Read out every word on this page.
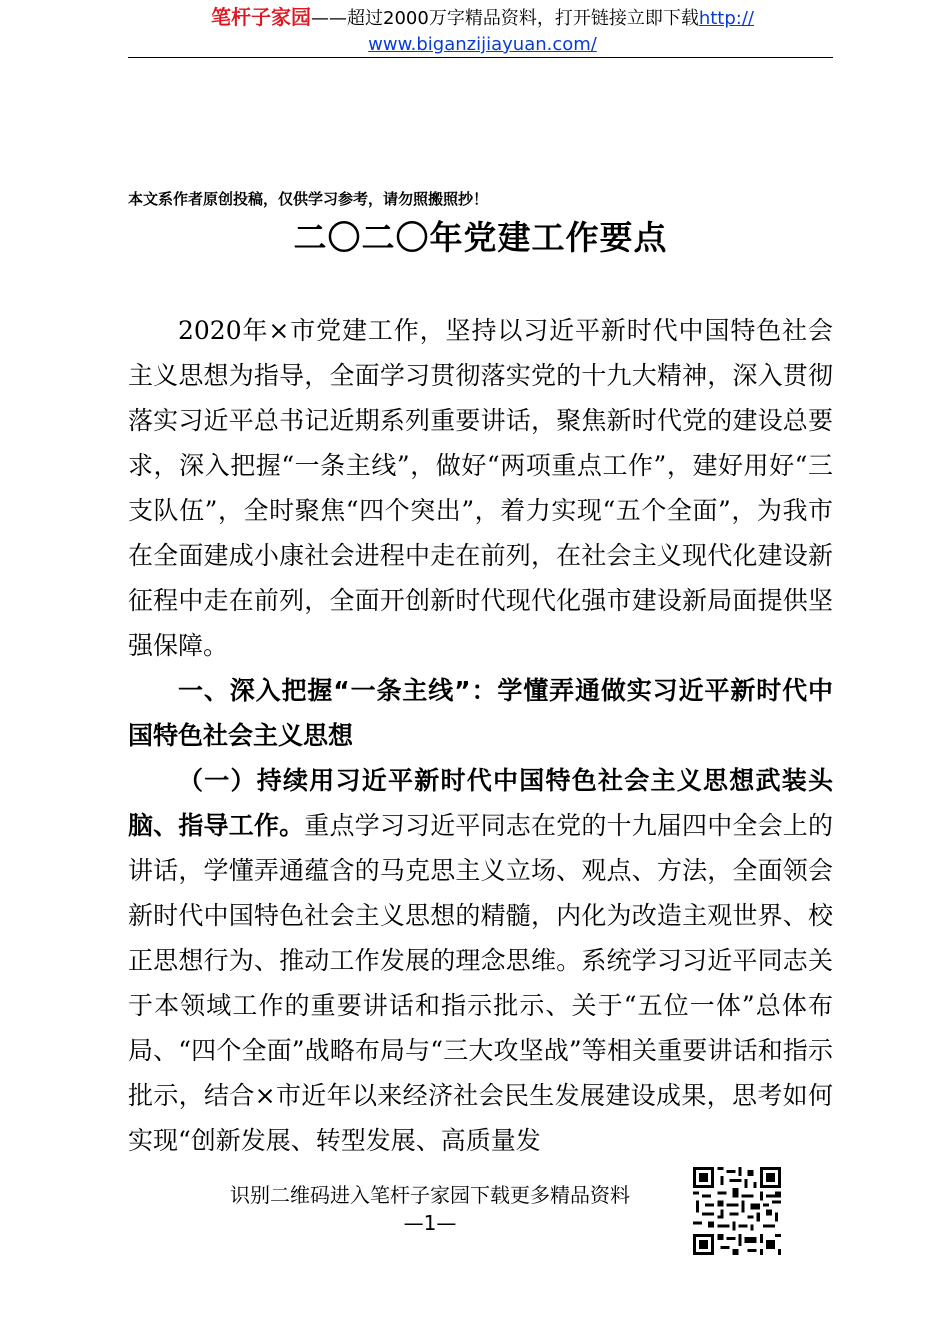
笔杆子家园——超过2000万字精品资料，打开链接立即下载http://
www.biganzijiayuan.com/
本文系作者原创投稿，仅供学习参考，请勿照搬照抄！
二〇二〇年党建工作要点

2020年×市党建工作，坚持以习近平新时代中国特色社会主义思想为指导，全面学习贯彻落实党的十九大精神，深入贯彻落实习近平总书记近期系列重要讲话，聚焦新时代党的建设总要求，深入把握“一条主线”，做好“两项重点工作”，建好用好“三支队伍”，全时聚焦“四个突出”，着力实现“五个全面”，为我市在全面建成小康社会进程中走在前列，在社会主义现代化建设新征程中走在前列，全面开创新时代现代化强市建设新局面提供坚强保障。

一、深入把握“一条主线”：学懂弄通做实习近平新时代中国特色社会主义思想

（一）持续用习近平新时代中国特色社会主义思想武装头脑、指导工作。重点学习习近平同志在党的十九届四中全会上的讲话，学懂弄通蕴含的马克思主义立场、观点、方法，全面领会新时代中国特色社会主义思想的精髓，内化为改造主观世界、校正思想行为、推动工作发展的理念思维。系统学习习近平同志关于本领域工作的重要讲话和指示批示、关于“五位一体”总体布局、“四个全面”战略布局与“三大攻坚战”等相关重要讲话和指示批示，结合×市近年以来经济社会民生发展建设成果，思考如何实现“创新发展、转型发展、高质量发

识别二维码进入笔杆子家园下载更多精品资料
—1—
